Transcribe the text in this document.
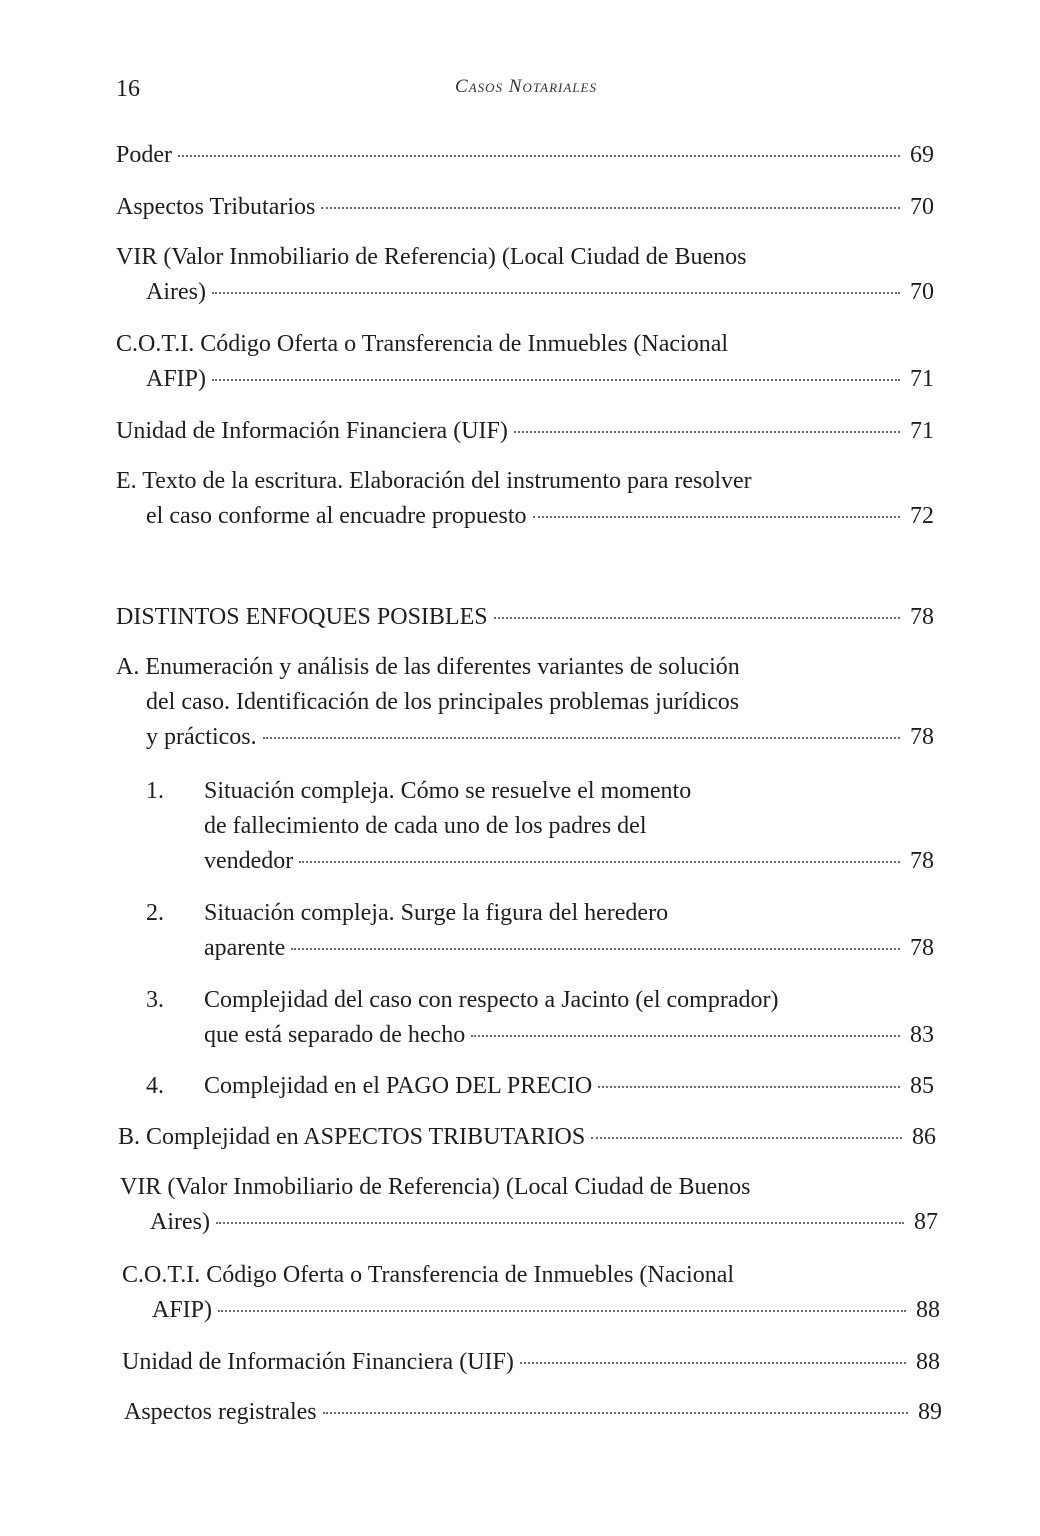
16	Casos Notariales
Poder	69
Aspectos Tributarios	70
VIR (Valor Inmobiliario de Referencia) (Local Ciudad de Buenos
Aires)	70
C.O.T.I. Código Oferta o Transferencia de Inmuebles (Nacional
AFIP)	71
Unidad de Información Financiera (UIF)	71
E. Texto de la escritura. Elaboración del instrumento para resolver
el caso conforme al encuadre propuesto	72
DISTINTOS ENFOQUES POSIBLES	78
A. Enumeración y análisis de las diferentes variantes de solución
del caso. Identificación de los principales problemas jurídicos
y prácticos.	78
1.	Situación compleja. Cómo se resuelve el momento
de fallecimiento de cada uno de los padres del
vendedor	78
2.	Situación compleja. Surge la figura del heredero
aparente	78
3.	Complejidad del caso con respecto a Jacinto (el comprador)
que está separado de hecho	83
4.	Complejidad en el PAGO DEL PRECIO	85
B. Complejidad en ASPECTOS TRIBUTARIOS	86
VIR (Valor Inmobiliario de Referencia) (Local Ciudad de Buenos
Aires)	87
C.O.T.I. Código Oferta o Transferencia de Inmuebles (Nacional
AFIP)	88
Unidad de Información Financiera (UIF)	88
Aspectos registrales	89
